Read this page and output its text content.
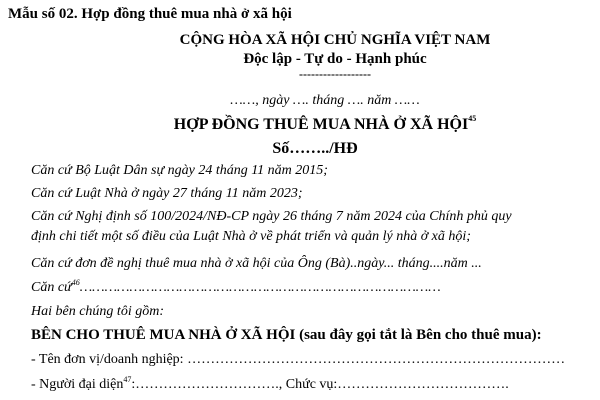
Mẫu số 02. Hợp đồng thuê mua nhà ở xã hội
CỘNG HÒA XÃ HỘI CHỦ NGHĨA VIỆT NAM
Độc lập - Tự do - Hạnh phúc
------------------
……, ngày …. tháng …. năm ……
HỢP ĐỒNG THUÊ MUA NHÀ Ở XÃ HỘI$^{45}$
Số……../HĐ
Căn cứ Bộ Luật Dân sự ngày 24 tháng 11 năm 2015;
Căn cứ Luật Nhà ở ngày 27 tháng 11 năm 2023;
Căn cứ Nghị định số 100/2024/NĐ-CP ngày 26 tháng 7 năm 2024 của Chính phủ quy
định chi tiết một số điều của Luật Nhà ở về phát triển và quản lý nhà ở xã hội;
Căn cứ đơn đề nghị thuê mua nhà ở xã hội của Ông (Bà)..ngày... tháng....năm ...
Căn cứ$^{46}$……………………………………………………………………………
Hai bên chúng tôi gồm:
BÊN CHO THUÊ MUA NHÀ Ở XÃ HỘI (sau đây gọi tắt là Bên cho thuê mua):
- Tên đơn vị/doanh nghiệp: ………………………………………………………………………
- Người đại diện$^{47}$:…………………………., Chức vụ:……………………………….
